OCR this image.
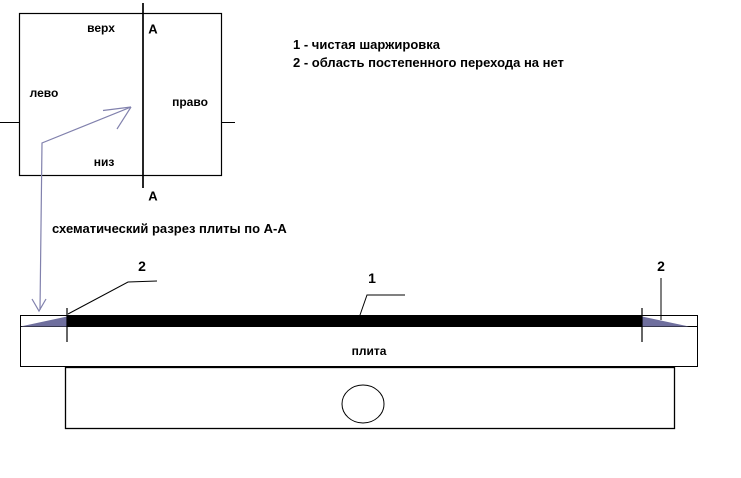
верх
лево
право
низ
А
А
1 - чистая шаржировка
2 - область постепенного перехода на нет
схематический разрез плиты по А-А
2
1
2
плита
